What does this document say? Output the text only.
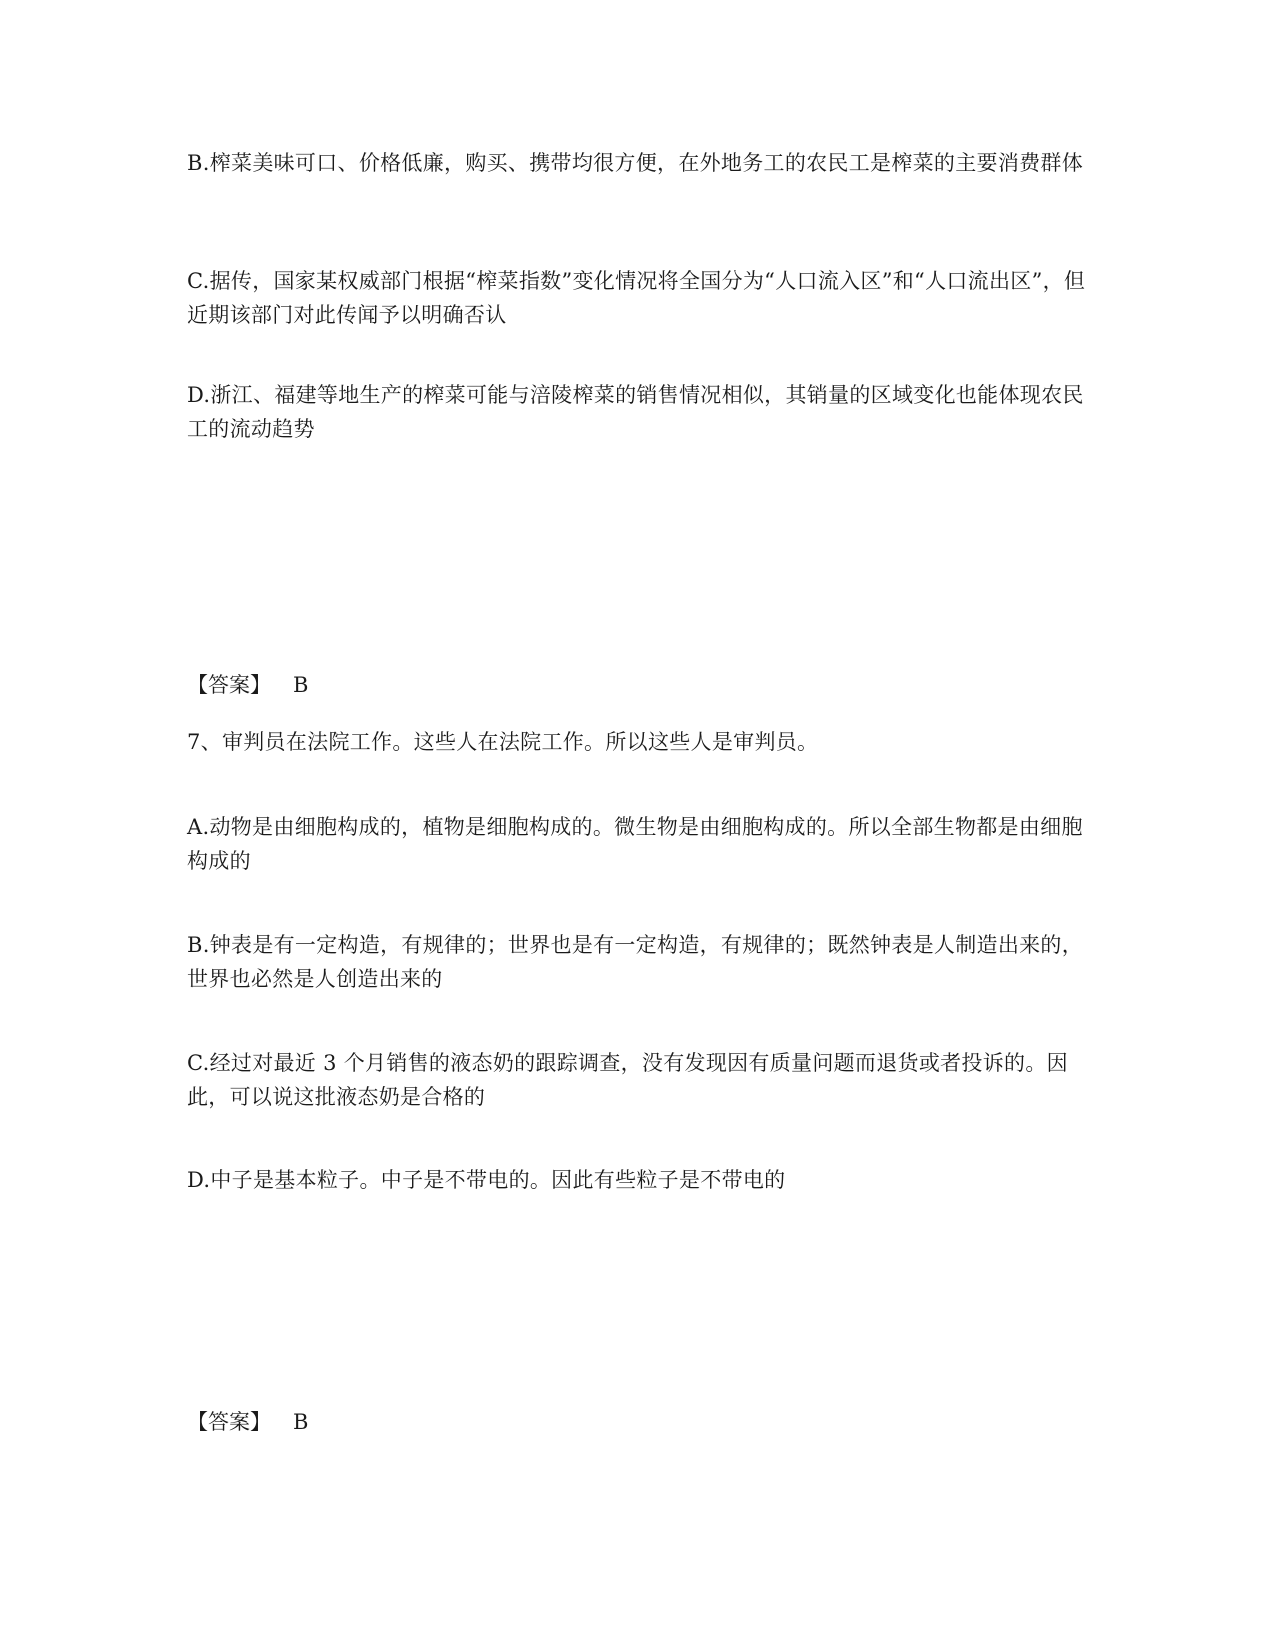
B.榨菜美味可口、价格低廉，购买、携带均很方便，在外地务工的农民工是榨菜的主要消费群体

C.据传，国家某权威部门根据“榨菜指数”变化情况将全国分为“人口流入区”和“人口流出区”，但近期该部门对此传闻予以明确否认

D.浙江、福建等地生产的榨菜可能与涪陵榨菜的销售情况相似，其销量的区域变化也能体现农民工的流动趋势

【答案】 B

7、审判员在法院工作。这些人在法院工作。所以这些人是审判员。

A.动物是由细胞构成的，植物是细胞构成的。微生物是由细胞构成的。所以全部生物都是由细胞构成的

B.钟表是有一定构造，有规律的；世界也是有一定构造，有规律的；既然钟表是人制造出来的，世界也必然是人创造出来的

C.经过对最近 3 个月销售的液态奶的跟踪调查，没有发现因有质量问题而退货或者投诉的。因此，可以说这批液态奶是合格的

D.中子是基本粒子。中子是不带电的。因此有些粒子是不带电的

【答案】 B
